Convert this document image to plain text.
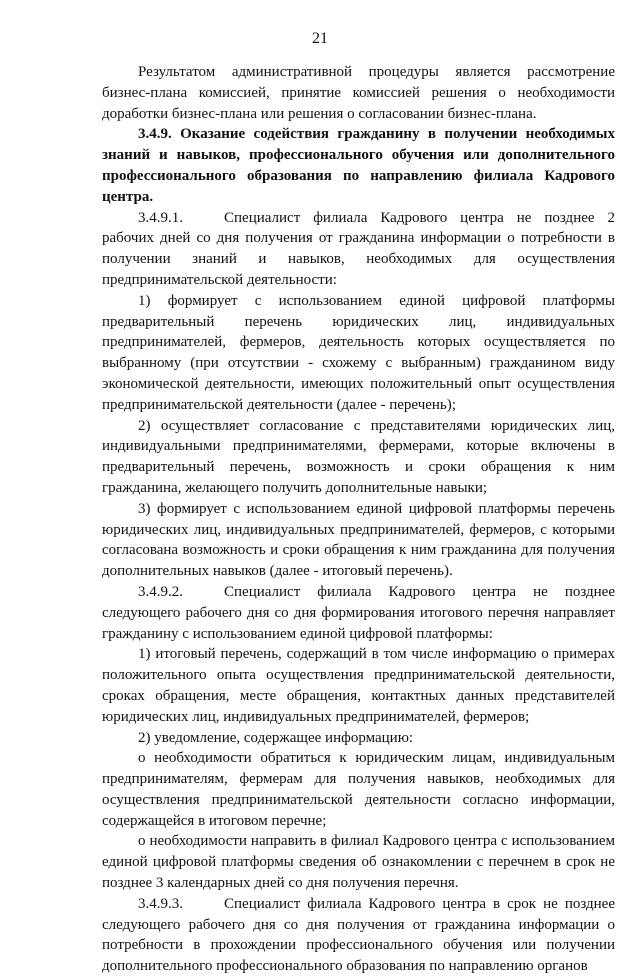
21

Результатом административной процедуры является рассмотрение бизнес-плана комиссией, принятие комиссией решения о необходимости доработки бизнес-плана или решения о согласовании бизнес-плана.

3.4.9. Оказание содействия гражданину в получении необходимых знаний и навыков, профессионального обучения или дополнительного профессионального образования по направлению филиала Кадрового центра.

3.4.9.1.	Специалист филиала Кадрового центра не позднее 2 рабочих дней со дня получения от гражданина информации о потребности в получении знаний и навыков, необходимых для осуществления предпринимательской деятельности:

1) формирует с использованием единой цифровой платформы предварительный перечень юридических лиц, индивидуальных предпринимателей, фермеров, деятельность которых осуществляется по выбранному (при отсутствии - схожему с выбранным) гражданином виду экономической деятельности, имеющих положительный опыт осуществления предпринимательской деятельности (далее - перечень);

2) осуществляет согласование с представителями юридических лиц, индивидуальными предпринимателями, фермерами, которые включены в предварительный перечень, возможность и сроки обращения к ним гражданина, желающего получить дополнительные навыки;

3) формирует с использованием единой цифровой платформы перечень юридических лиц, индивидуальных предпринимателей, фермеров, с которыми согласована возможность и сроки обращения к ним гражданина для получения дополнительных навыков (далее - итоговый перечень).

3.4.9.2.	Специалист филиала Кадрового центра не позднее следующего рабочего дня со дня формирования итогового перечня направляет гражданину с использованием единой цифровой платформы:

1) итоговый перечень, содержащий в том числе информацию о примерах положительного опыта осуществления предпринимательской деятельности, сроках обращения, месте обращения, контактных данных представителей юридических лиц, индивидуальных предпринимателей, фермеров;

2) уведомление, содержащее информацию:

о необходимости обратиться к юридическим лицам, индивидуальным предпринимателям, фермерам для получения навыков, необходимых для осуществления предпринимательской деятельности согласно информации, содержащейся в итоговом перечне;

о необходимости направить в филиал Кадрового центра с использованием единой цифровой платформы сведения об ознакомлении с перечнем в срок не позднее 3 календарных дней со дня получения перечня.

3.4.9.3.	Специалист филиала Кадрового центра в срок не позднее следующего рабочего дня со дня получения от гражданина информации о потребности в прохождении профессионального обучения или получении дополнительного профессионального образования по направлению органов
